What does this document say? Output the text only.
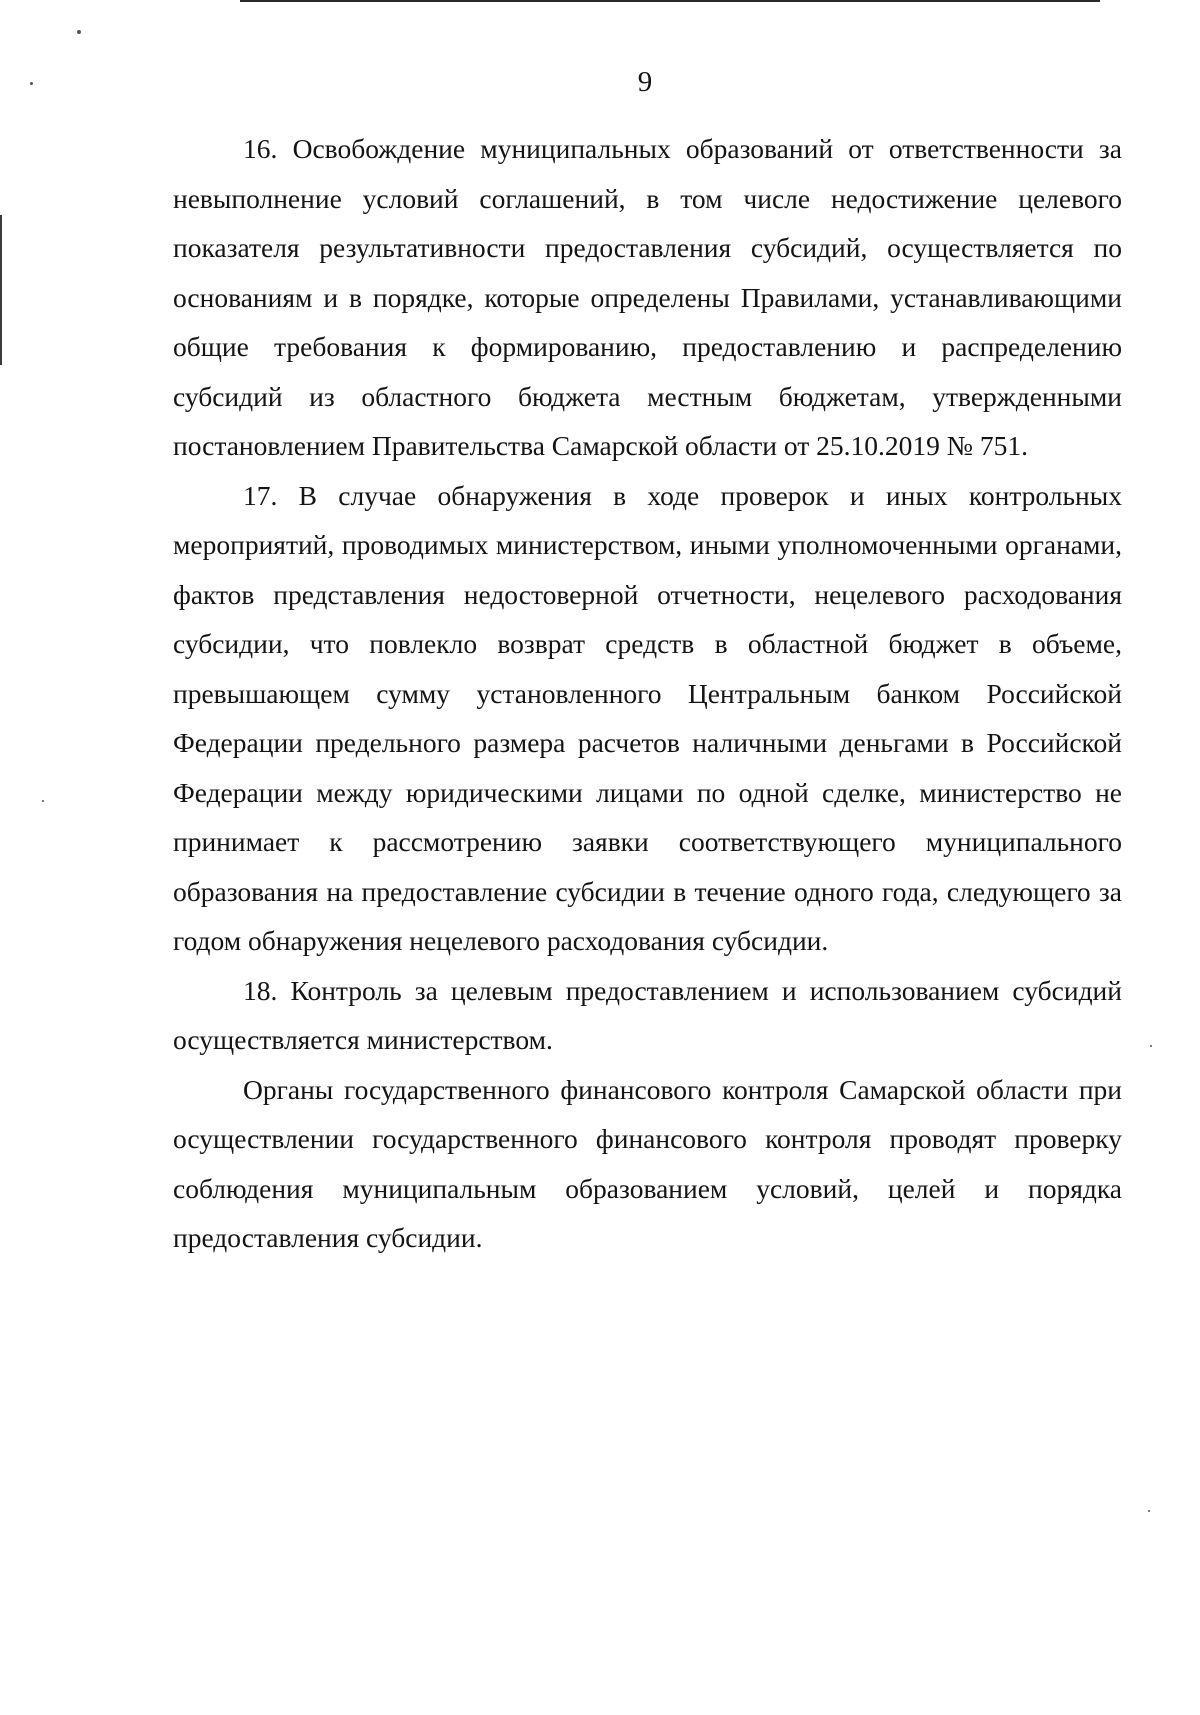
9

16. Освобождение муниципальных образований от ответственности за невыполнение условий соглашений, в том числе недостижение целевого показателя результативности предоставления субсидий, осуществляется по основаниям и в порядке, которые определены Правилами, устанавливающими общие требования к формированию, предоставлению и распределению субсидий из областного бюджета местным бюджетам, утвержденными постановлением Правительства Самарской области от 25.10.2019 № 751.

17. В случае обнаружения в ходе проверок и иных контрольных мероприятий, проводимых министерством, иными уполномоченными органами, фактов представления недостоверной отчетности, нецелевого расходования субсидии, что повлекло возврат средств в областной бюджет в объеме, превышающем сумму установленного Центральным банком Российской Федерации предельного размера расчетов наличными деньгами в Российской Федерации между юридическими лицами по одной сделке, министерство не принимает к рассмотрению заявки соответствующего муниципального образования на предоставление субсидии в течение одного года, следующего за годом обнаружения нецелевого расходования субсидии.

18. Контроль за целевым предоставлением и использованием субсидий осуществляется министерством.

Органы государственного финансового контроля Самарской области при осуществлении государственного финансового контроля проводят проверку соблюдения муниципальным образованием условий, целей и порядка предоставления субсидии.
